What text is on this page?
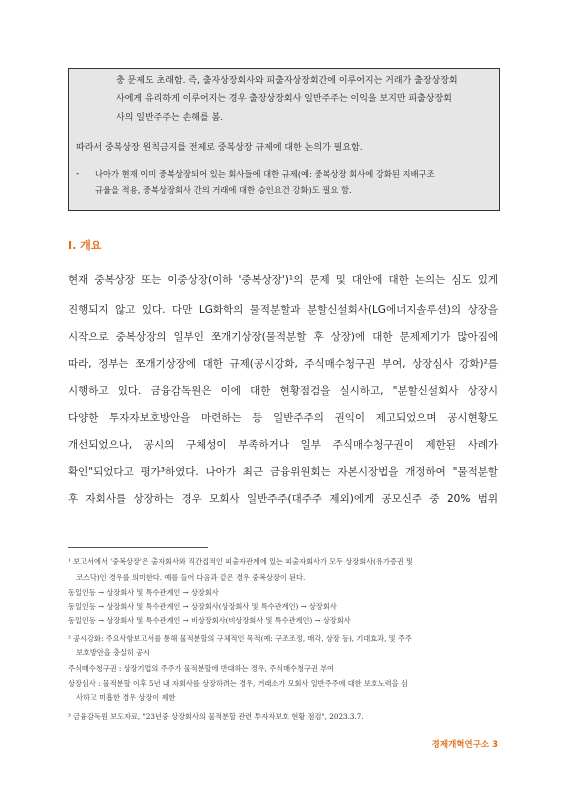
충 문제도 초래함. 즉, 출자상장회사와 피출자상장회간에 이루어지는 거래가 출장상장회
사에게 유리하게 이루어지는 경우 출장상장회사 일반주주는 이익을 보지만 피출상장회
사의 일반주주는 손해를 봄.
따라서 중복상장 원칙금지를 전제로 중복상장 규제에 대한 논의가 필요함.
- 나아가 현재 이미 중복상장되어 있는 회사들에 대한 규제(예: 중복상장 회사에 강화된 지배구조
규율을 적용, 중복상장회사 간의 거래에 대한 승인요건 강화)도 필요 함.
I. 개요
현재 중복상장 또는 이중상장(이하 '중복상장')¹의 문제 및 대안에 대한 논의는 심도 있게
진행되지 않고 있다. 다만 LG화학의 물적분할과 분할신설회사(LG에너지솔루션)의 상장을
시작으로 중복상장의 일부인 쪼개기상장(물적분할 후 상장)에 대한 문제제기가 많아짐에
따라, 정부는 쪼개기상장에 대한 규제(공시강화, 주식매수청구권 부여, 상장심사 강화)²를
시행하고 있다. 금융감독원은 이에 대한 현황점검을 실시하고, "분할신설회사 상장시
다양한 투자자보호방안을 마련하는 등 일반주주의 권익이 제고되었으며 공시현황도
개선되었으나, 공시의 구체성이 부족하거나 일부 주식매수청구권이 제한된 사례가
확인"되었다고 평가³하였다. 나아가 최근 금융위원회는 자본시장법을 개정하여 "물적분할
후 자회사를 상장하는 경우 모회사 일반주주(대주주 제외)에게 공모신주 중 20% 범위
¹ 보고서에서 '중복상장'은 출자회사와 직간접적인 피출자관계에 있는 피출자회사가 모두 상장회사(유가증권 및
코스닥)인 경우를 의미한다. 예를 들어 다음과 같은 경우 중복상장이 된다.
동일인등 → 상장회사 및 특수관계인 → 상장회사
동일인등 → 상장회사 및 특수관계인 → 상장회사(상장회사 및 특수관계인) → 상장회사
동일인등 → 상장회사 및 특수관계인 → 비상장회사(비상장회사 및 특수관계인) → 상장회사
² 공시강화: 주요사항보고서를 통해 물적분할의 구체적인 목적(예: 구조조정, 매각, 상장 등), 기대효과, 및 주주
보호방안을 충실히 공시
주식매수청구권 : 상장기업의 주주가 물적분할에 반대하는 경우, 주식매수청구권 부여
상장심사 : 물적분할 이후 5년 내 자회사를 상장하려는 경우, 거래소가 모회사 일반주주에 대한 보호노력을 심
사하고 미흡한 경우 상장이 제한
³ 금융감독원 보도자료, "23년중 상장회사의 물적분할 관련 투자자보호 현황 점검", 2023.3.7.
경제개혁연구소 3
